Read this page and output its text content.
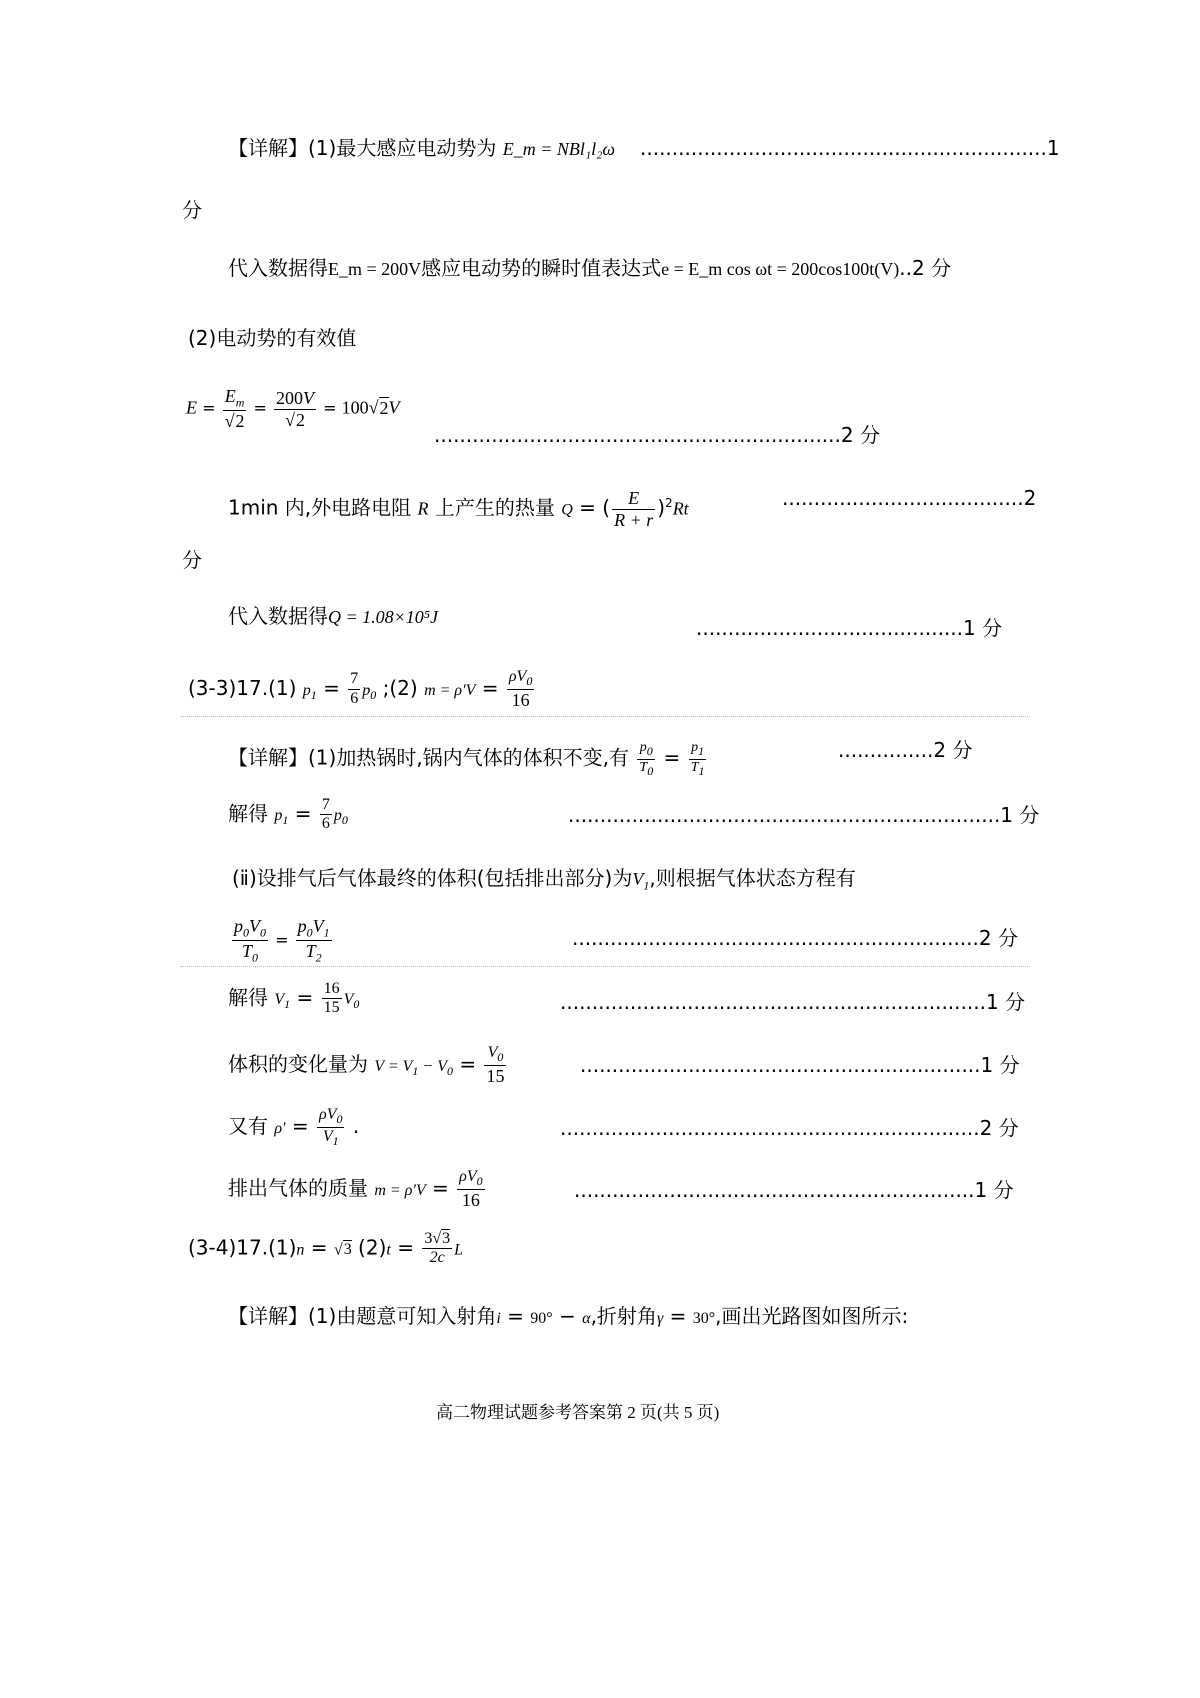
【详解】(1)最大感应电动势为 E_m = NBl₁l₂ω ................................................................1
分
代入数据得E_m = 200V感应电动势的瞬时值表达式e = E_m cos ωt = 200cos100t(V)..2 分
(2)电动势的有效值
$E = \frac{E_m}{√2} = \frac{200V}{√2} = 100√2V$
................................................................2 分
1min 内,外电路电阻 R 上产生的热量 Q = ( $\frac{E}{R + r} )^2Rt$	......................................2
分
代入数据得Q = 1.08×10⁵J	..........................................1 分
(3-3)17.(1) $p_1 = \frac{7}{6} p_0$ ;(2) $m = \rho'V = \frac{\rho V_0}{16}$
【详解】(1)加热锅时,锅内气体的体积不变,有 $\frac{p_0}{T_0} = \frac{p_1}{T_1}$	...............2 分
解得 $p_1 = \frac{7}{6} p_0$	....................................................................1 分
(ⅱ)设排气后气体最终的体积(包括排出部分)为$V_1$,则根据气体状态方程有
$\frac{p_0V_0}{T_0} = \frac{p_0V_1}{T_2}$	................................................................2 分
解得 $V_1 = \frac{16}{15} V_0$	...................................................................1 分
体积的变化量为 $V = V_1 - V_0 = \frac{V_0}{15}$	...............................................................1 分
又有 $\rho' = \frac{\rho V_0}{V_1}$ .	..................................................................2 分
排出气体的质量 $m = \rho'V = \frac{\rho V_0}{16}$	...............................................................1 分
(3-4)17.(1)n = √3 $(2)t = \frac{3√3}{2c}$ L
【详解】(1)由题意可知入射角i = 90° − α,折射角γ = 30°,画出光路图如图所示:
高二物理试题参考答案第 2 页(共 5 页)
